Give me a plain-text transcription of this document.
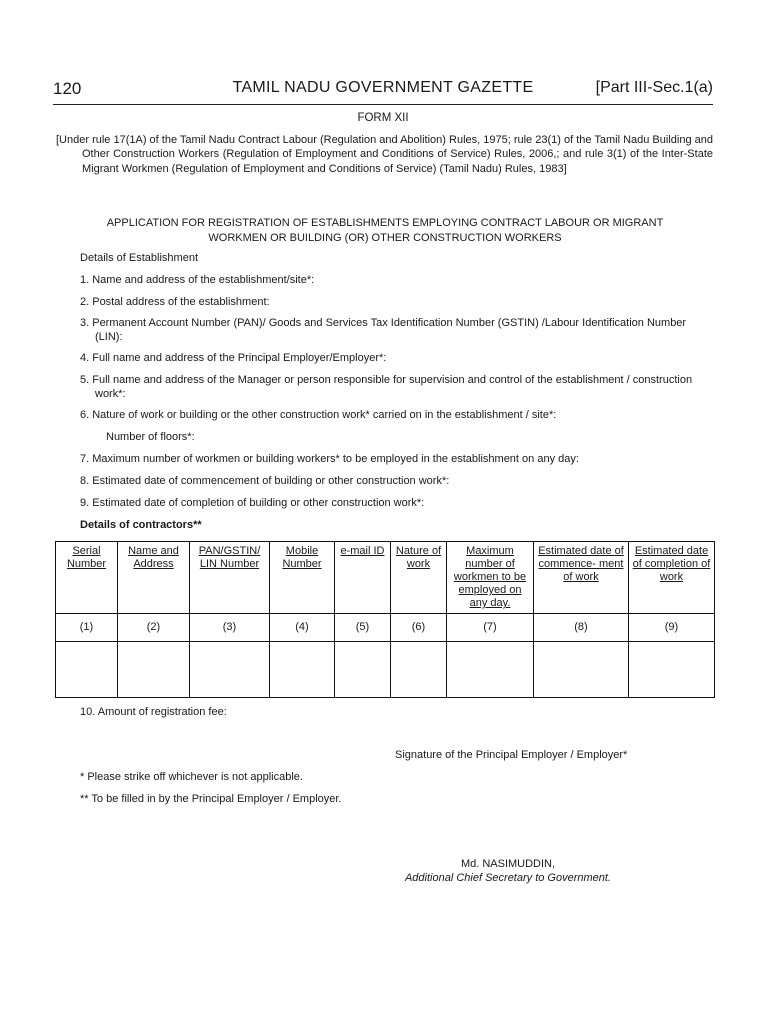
120	TAMIL NADU GOVERNMENT GAZETTE	[Part III-Sec.1(a)
FORM XII
[Under rule 17(1A) of the Tamil Nadu Contract Labour (Regulation and Abolition) Rules, 1975; rule 23(1) of the Tamil Nadu Building and Other Construction Workers (Regulation of Employment and Conditions of Service) Rules, 2006,; and rule 3(1) of the Inter-State Migrant Workmen (Regulation of Employment and Conditions of Service) (Tamil Nadu) Rules, 1983]
APPLICATION FOR REGISTRATION OF ESTABLISHMENTS EMPLOYING CONTRACT LABOUR OR MIGRANT
WORKMEN OR BUILDING (OR) OTHER CONSTRUCTION WORKERS
Details of Establishment
1. Name and address of the establishment/site*:
2. Postal address of the establishment:
3. Permanent Account Number (PAN)/ Goods and Services Tax Identification Number (GSTIN) /Labour Identification Number (LIN):
4. Full name and address of the Principal Employer/Employer*:
5. Full name and address of the Manager or person responsible for supervision and control of the establishment / construction work*:
6. Nature of work or building or the other construction work* carried on in the establishment / site*:
Number of floors*:
7. Maximum number of workmen or building workers* to be employed in the establishment on any day:
8. Estimated date of commencement of building or other construction work*:
9. Estimated date of completion of building or other construction work*:
Details of contractors**
Serial Number	Name and Address	PAN/GSTIN/ LIN Number	Mobile Number	e-mail ID	Nature of work	Maximum number of workmen to be employed on any day.	Estimated date of commence- ment of work	Estimated date of completion of work
(1)	(2)	(3)	(4)	(5)	(6)	(7)	(8)	(9)

10. Amount of registration fee:
Signature of the Principal Employer / Employer*
* Please strike off whichever is not applicable.
** To be filled in by the Principal Employer / Employer.
Md. NASIMUDDIN,
Additional Chief Secretary to Government.
